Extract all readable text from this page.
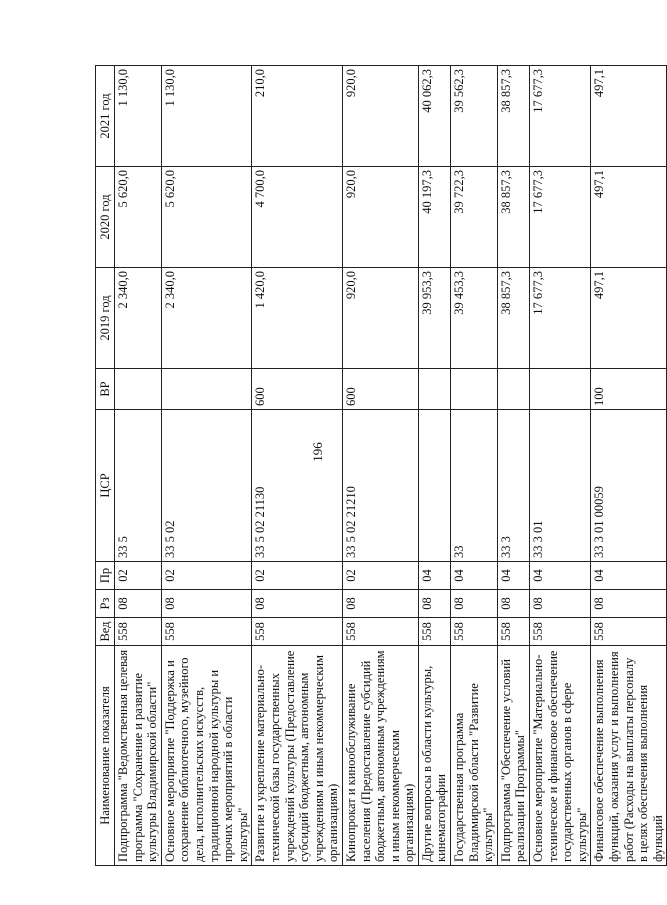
196
Наименование показателя	Вед	Рз	Пр	ЦСР	ВР	2019 год	2020 год	2021 год
Подпрограмма "Ведомственная целевая программа "Сохранение и развитие культуры Владимирской области"	558	08	02	33 5		2 340,0	5 620,0	1 130,0
Основное мероприятие "Поддержка и сохранение библиотечного, музейного дела, исполнительских искусств, традиционной народной культуры и прочих мероприятий в области культуры"	558	08	02	33 5 02		2 340,0	5 620,0	1 130,0
Развитие и укрепление материально-технической базы государственных учреждений культуры (Предоставление субсидий бюджетным, автономным учреждениям и иным некоммерческим организациям)	558	08	02	33 5 02 21130	600	1 420,0	4 700,0	210,0
Кинопрокат и кинообслуживание населения (Предоставление субсидий бюджетным, автономным учреждениям и иным некоммерческим организациям)	558	08	02	33 5 02 21210	600	920,0	920,0	920,0
Другие вопросы в области культуры, кинематографии	558	08	04			39 953,3	40 197,3	40 062,3
Государственная программа Владимирской области "Развитие культуры"	558	08	04	33		39 453,3	39 722,3	39 562,3
Подпрограмма "Обеспечение условий реализации Программы"	558	08	04	33 3		38 857,3	38 857,3	38 857,3
Основное мероприятие "Материально-техническое и финансовое обеспечение государственных органов в сфере культуры"	558	08	04	33 3 01		17 677,3	17 677,3	17 677,3
Финансовое обеспечение выполнения функций, оказания услуг и выполнения работ (Расходы на выплаты персоналу в целях обеспечения выполнения функций	558	08	04	33 3 01 00059	100	497,1	497,1	497,1
